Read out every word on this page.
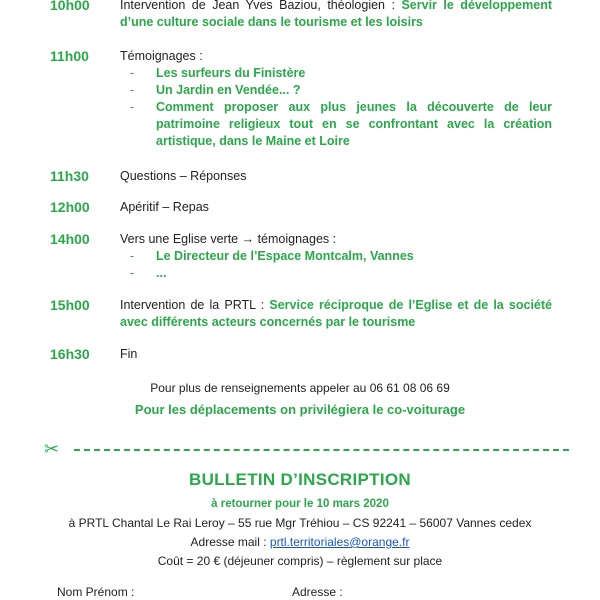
10h00	Intervention de Jean Yves Baziou, théologien : Servir le développement d’une culture sociale dans le tourisme et les loisirs
11h00	Témoignages :
- Les surfeurs du Finistère
- Un Jardin en Vendée... ?
- Comment proposer aux plus jeunes la découverte de leur patrimoine religieux tout en se confrontant avec la création artistique, dans le Maine et Loire
11h30	Questions – Réponses
12h00	Apéritif – Repas
14h00	Vers une Eglise verte → témoignages :
- Le Directeur de l’Espace Montcalm, Vannes
- ...
15h00	Intervention de la PRTL : Service réciproque de l’Eglise et de la société avec différents acteurs concernés par le tourisme
16h30	Fin
Pour plus de renseignements appeler au 06 61 08 06 69
Pour les déplacements on privilégiera le co-voiturage
✂
BULLETIN D’INSCRIPTION
à retourner pour le 10 mars 2020
à PRTL Chantal Le Rai Leroy – 55 rue Mgr Tréhiou – CS 92241 – 56007 Vannes cedex
Adresse mail : prtl.territoriales@orange.fr
Coût = 20 € (déjeuner compris) – règlement sur place
Nom Prénom :	Adresse :
